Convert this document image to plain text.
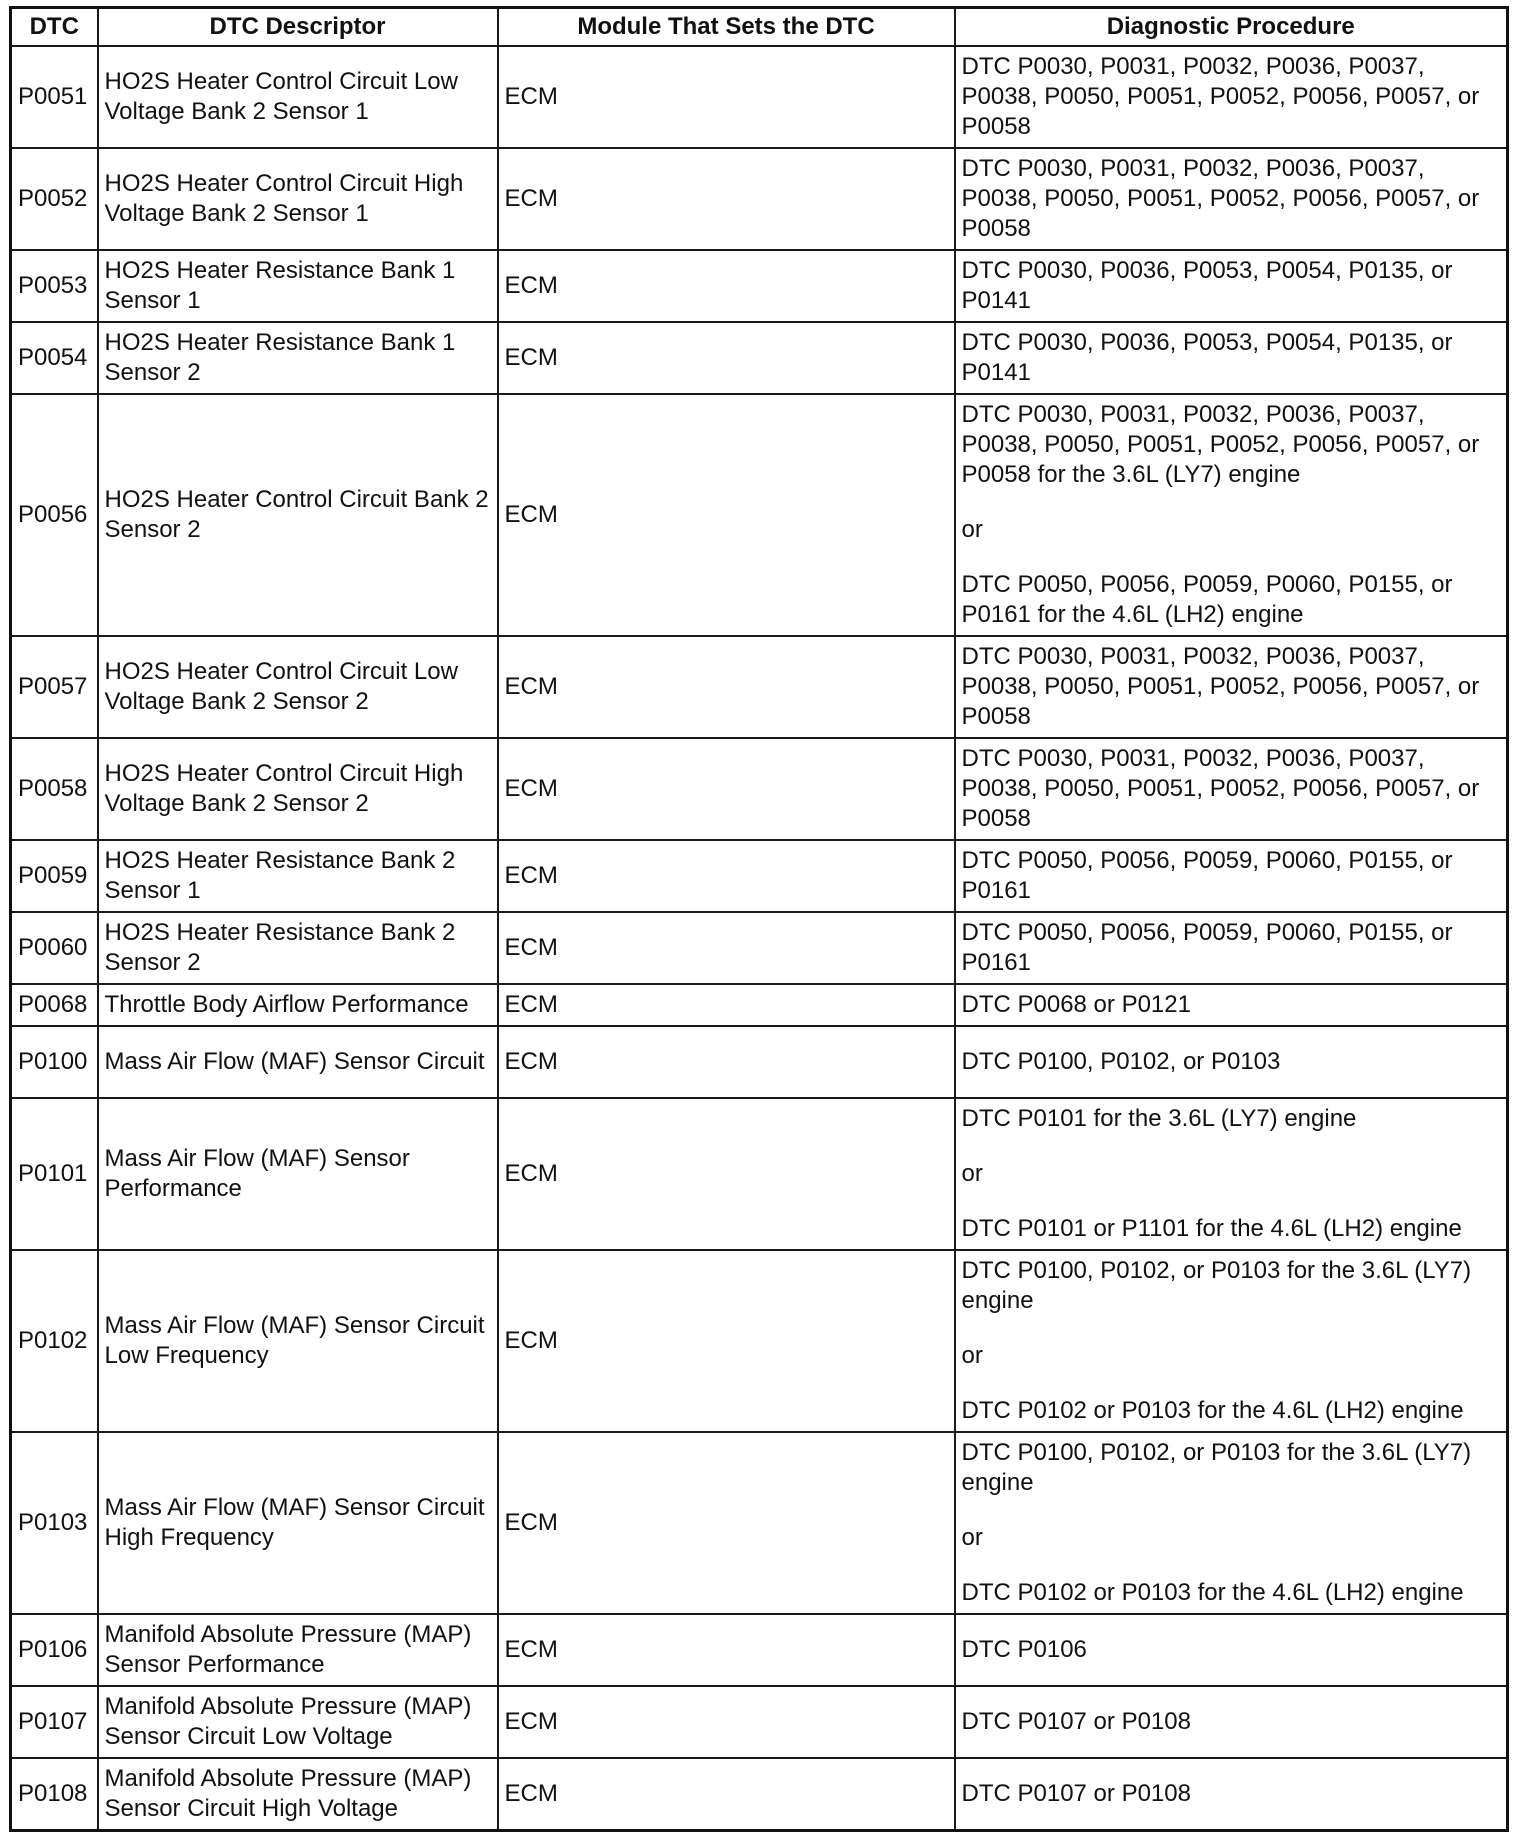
DTC	DTC Descriptor	Module That Sets the DTC	Diagnostic Procedure
P0051	HO2S Heater Control Circuit Low Voltage Bank 2 Sensor 1	ECM	DTC P0030, P0031, P0032, P0036, P0037, P0038, P0050, P0051, P0052, P0056, P0057, or P0058

P0052	HO2S Heater Control Circuit High Voltage Bank 2 Sensor 1	ECM	DTC P0030, P0031, P0032, P0036, P0037, P0038, P0050, P0051, P0052, P0056, P0057, or P0058

P0053	HO2S Heater Resistance Bank 1 Sensor 1	ECM	DTC P0030, P0036, P0053, P0054, P0135, or P0141

P0054	HO2S Heater Resistance Bank 1 Sensor 2	ECM	DTC P0030, P0036, P0053, P0054, P0135, or P0141

P0056	HO2S Heater Control Circuit Bank 2 Sensor 2	ECM	DTC P0030, P0031, P0032, P0036, P0037, P0038, P0050, P0051, P0052, P0056, P0057, or P0058 for the 3.6L (LY7) engine

or

DTC P0050, P0056, P0059, P0060, P0155, or P0161 for the 4.6L (LH2) engine

P0057	HO2S Heater Control Circuit Low Voltage Bank 2 Sensor 2	ECM	DTC P0030, P0031, P0032, P0036, P0037, P0038, P0050, P0051, P0052, P0056, P0057, or P0058

P0058	HO2S Heater Control Circuit High Voltage Bank 2 Sensor 2	ECM	DTC P0030, P0031, P0032, P0036, P0037, P0038, P0050, P0051, P0052, P0056, P0057, or P0058

P0059	HO2S Heater Resistance Bank 2 Sensor 1	ECM	DTC P0050, P0056, P0059, P0060, P0155, or P0161

P0060	HO2S Heater Resistance Bank 2 Sensor 2	ECM	DTC P0050, P0056, P0059, P0060, P0155, or P0161

P0068	Throttle Body Airflow Performance	ECM	DTC P0068 or P0121

P0100	Mass Air Flow (MAF) Sensor Circuit	ECM	DTC P0100, P0102, or P0103

P0101	Mass Air Flow (MAF) Sensor Performance	ECM	DTC P0101 for the 3.6L (LY7) engine

or

DTC P0101 or P1101 for the 4.6L (LH2) engine

P0102	Mass Air Flow (MAF) Sensor Circuit Low Frequency	ECM	DTC P0100, P0102, or P0103 for the 3.6L (LY7) engine

or

DTC P0102 or P0103 for the 4.6L (LH2) engine

P0103	Mass Air Flow (MAF) Sensor Circuit High Frequency	ECM	DTC P0100, P0102, or P0103 for the 3.6L (LY7) engine

or

DTC P0102 or P0103 for the 4.6L (LH2) engine

P0106	Manifold Absolute Pressure (MAP) Sensor Performance	ECM	DTC P0106

P0107	Manifold Absolute Pressure (MAP) Sensor Circuit Low Voltage	ECM	DTC P0107 or P0108

P0108	Manifold Absolute Pressure (MAP) Sensor Circuit High Voltage	ECM	DTC P0107 or P0108
